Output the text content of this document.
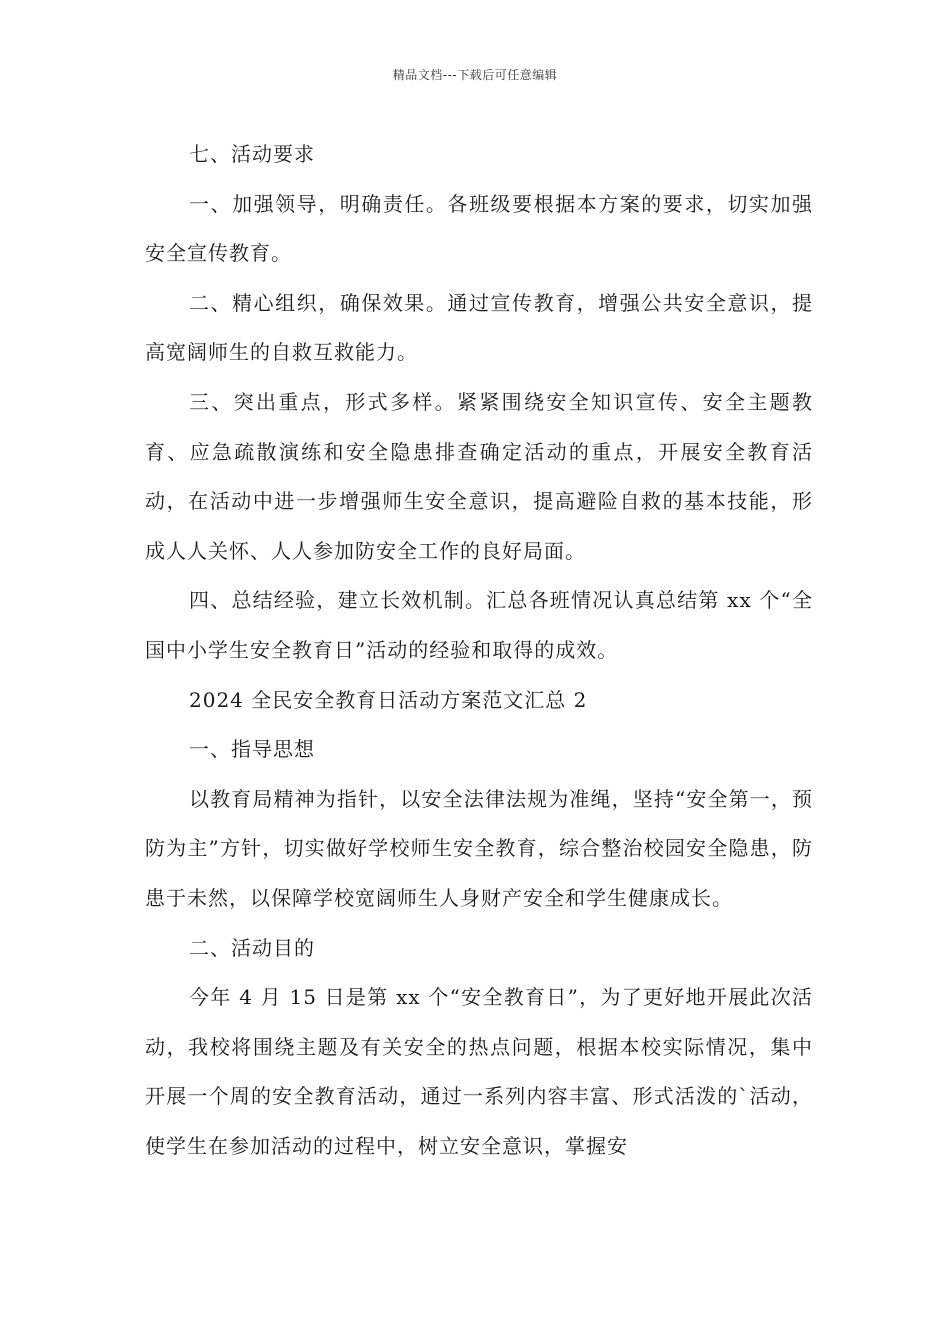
精品文档---下载后可任意编辑

七、活动要求

一、加强领导，明确责任。各班级要根据本方案的要求，切实加强安全宣传教育。

二、精心组织，确保效果。通过宣传教育，增强公共安全意识，提高宽阔师生的自救互救能力。

三、突出重点，形式多样。紧紧围绕安全知识宣传、安全主题教育、应急疏散演练和安全隐患排查确定活动的重点，开展安全教育活动，在活动中进一步增强师生安全意识，提高避险自救的基本技能，形成人人关怀、人人参加防安全工作的良好局面。

四、总结经验，建立长效机制。汇总各班情况认真总结第 xx 个“全国中小学生安全教育日”活动的经验和取得的成效。

2024 全民安全教育日活动方案范文汇总 2

一、指导思想

以教育局精神为指针，以安全法律法规为准绳，坚持“安全第一，预防为主”方针，切实做好学校师生安全教育，综合整治校园安全隐患，防患于未然，以保障学校宽阔师生人身财产安全和学生健康成长。

二、活动目的

今年 4 月 15 日是第 xx 个“安全教育日”，为了更好地开展此次活动，我校将围绕主题及有关安全的热点问题，根据本校实际情况，集中开展一个周的安全教育活动，通过一系列内容丰富、形式活泼的`活动，使学生在参加活动的过程中，树立安全意识，掌握安
